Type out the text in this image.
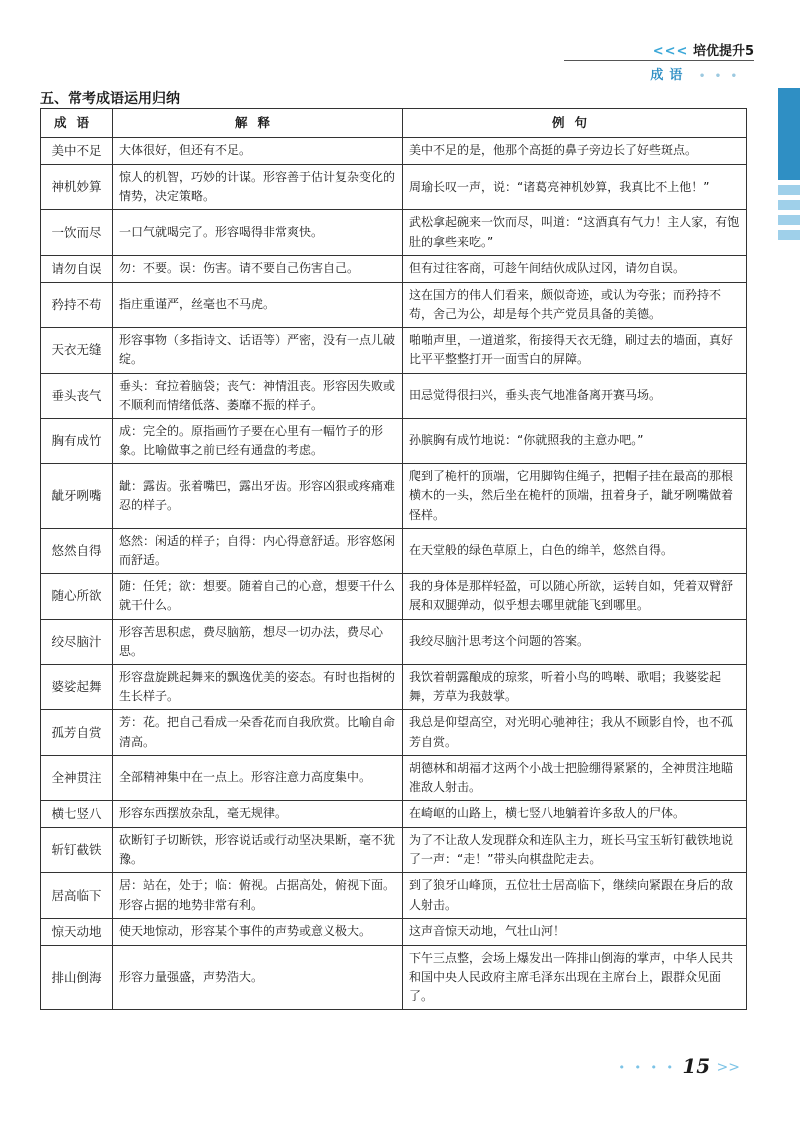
<<< 培优提升5
成语 • • •
五、常考成语运用归纳
成语	解释	例句
美中不足	大体很好，但还有不足。	美中不足的是，他那个高挺的鼻子旁边长了好些斑点。
神机妙算	惊人的机智，巧妙的计谋。形容善于估计复杂变化的情势，决定策略。	周瑜长叹一声，说：“诸葛亮神机妙算，我真比不上他！”
一饮而尽	一口气就喝完了。形容喝得非常爽快。	武松拿起碗来一饮而尽，叫道：“这酒真有气力！主人家，有饱肚的拿些来吃。”
请勿自误	勿：不要。误：伤害。请不要自己伤害自己。	但有过往客商，可趁午间结伙成队过冈，请勿自误。
矜持不苟	指庄重谨严，丝毫也不马虎。	这在国方的伟人们看来，颇似奇迹，或认为夸张；而矜持不苟，舍己为公，却是每个共产党员具备的美德。
天衣无缝	形容事物（多指诗文、话语等）严密，没有一点儿破绽。	啪啪声里，一道道浆，衔接得天衣无缝，刷过去的墙面，真好比平平整整打开一面雪白的屏障。
垂头丧气	垂头：耷拉着脑袋；丧气：神情沮丧。形容因失败或不顺利而情绪低落、萎靡不振的样子。	田忌觉得很扫兴，垂头丧气地准备离开赛马场。
胸有成竹	成：完全的。原指画竹子要在心里有一幅竹子的形象。比喻做事之前已经有通盘的考虑。	孙膑胸有成竹地说：“你就照我的主意办吧。”
龇牙咧嘴	龇：露齿。张着嘴巴，露出牙齿。形容凶狠或疼痛难忍的样子。	爬到了桅杆的顶端，它用脚钩住绳子，把帽子挂在最高的那根横木的一头，然后坐在桅杆的顶端，扭着身子，龇牙咧嘴做着怪样。
悠然自得	悠然：闲适的样子；自得：内心得意舒适。形容悠闲而舒适。	在天堂般的绿色草原上，白色的绵羊，悠然自得。
随心所欲	随：任凭；欲：想要。随着自己的心意，想要干什么就干什么。	我的身体是那样轻盈，可以随心所欲，运转自如，凭着双臂舒展和双腿弹动，似乎想去哪里就能飞到哪里。
绞尽脑汁	形容苦思积虑，费尽脑筋，想尽一切办法，费尽心思。	我绞尽脑汁思考这个问题的答案。
婆娑起舞	形容盘旋跳起舞来的飘逸优美的姿态。有时也指树的生长样子。	我饮着朝露酿成的琼浆，听着小鸟的鸣啭、歌唱；我婆娑起舞，芳草为我鼓掌。
孤芳自赏	芳：花。把自己看成一朵香花而自我欣赏。比喻自命清高。	我总是仰望高空，对光明心驰神往；我从不顾影自怜，也不孤芳自赏。
全神贯注	全部精神集中在一点上。形容注意力高度集中。	胡德林和胡福才这两个小战士把脸绷得紧紧的，全神贯注地瞄准敌人射击。
横七竖八	形容东西摆放杂乱，毫无规律。	在崎岖的山路上，横七竖八地躺着许多敌人的尸体。
斩钉截铁	砍断钉子切断铁，形容说话或行动坚决果断，毫不犹豫。	为了不让敌人发现群众和连队主力，班长马宝玉斩钉截铁地说了一声：“走！”带头向棋盘陀走去。
居高临下	居：站在，处于；临：俯视。占据高处，俯视下面。形容占据的地势非常有利。	到了狼牙山峰顶，五位壮士居高临下，继续向紧跟在身后的敌人射击。
惊天动地	使天地惊动，形容某个事件的声势或意义极大。	这声音惊天动地，气壮山河！
排山倒海	形容力量强盛，声势浩大。	下午三点整，会场上爆发出一阵排山倒海的掌声，中华人民共和国中央人民政府主席毛泽东出现在主席台上，跟群众见面了。
• • • • 15 >>
